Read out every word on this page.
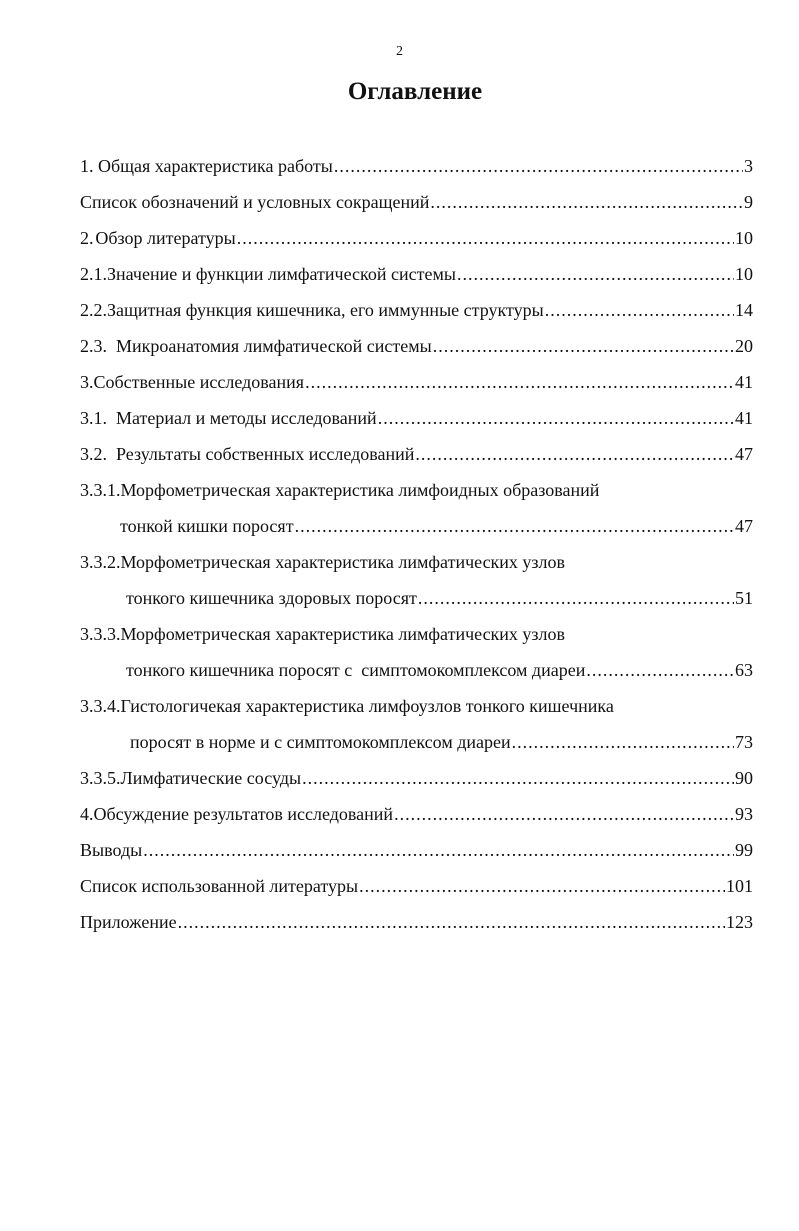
2
Оглавление
1.
Общая характеристика работы .....	3
Список обозначений и условных сокращений .....	9
2. Обзор литературы .....	10
2.1. Значение и функции лимфатической системы .....	10
2.2. Защитная функция кишечника, его иммунные структуры .....	14
2.3.
Микроанатомия лимфатической системы .....	20
3. Собственные исследования .....	41
3.1.
Материал и методы исследований .....	41
3.2.
Результаты собственных исследований .....	47
3.3.1. Морфометрическая характеристика лимфоидных образований
тонкой кишки поросят .....	47
3.3.2. Морфометрическая характеристика лимфатических узлов
тонкого кишечника здоровых поросят .....	51
3.3.3. Морфометрическая характеристика лимфатических узлов
тонкого кишечника поросят с  симптомокомплексом диареи .....	63
3.3.4. Гистологичекая характеристика лимфоузлов тонкого кишечника
поросят в норме и с симптомокомплексом диареи .....	73
3.3.5. Лимфатические сосуды .....	90
4. Обсуждение результатов исследований .....	93
Выводы .....	99
Список использованной литературы .....	101
Приложение .....	123
